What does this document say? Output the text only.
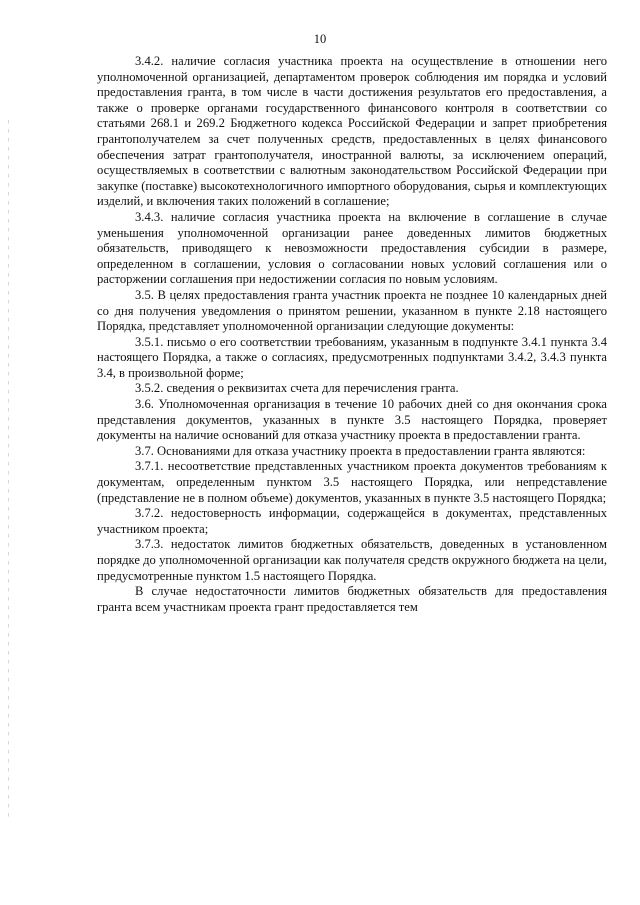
10

3.4.2. наличие согласия участника проекта на осуществление в отношении него уполномоченной организацией, департаментом проверок соблюдения им порядка и условий предоставления гранта, в том числе в части достижения результатов его предоставления, а также о проверке органами государственного финансового контроля в соответствии со статьями 268.1 и 269.2 Бюджетного кодекса Российской Федерации и запрет приобретения грантополучателем за счет полученных средств, предоставленных в целях финансового обеспечения затрат грантополучателя, иностранной валюты, за исключением операций, осуществляемых в соответствии с валютным законодательством Российской Федерации при закупке (поставке) высокотехнологичного импортного оборудования, сырья и комплектующих изделий, и включения таких положений в соглашение;

3.4.3. наличие согласия участника проекта на включение в соглашение в случае уменьшения уполномоченной организации ранее доведенных лимитов бюджетных обязательств, приводящего к невозможности предоставления субсидии в размере, определенном в соглашении, условия о согласовании новых условий соглашения или о расторжении соглашения при недостижении согласия по новым условиям.

3.5. В целях предоставления гранта участник проекта не позднее 10 календарных дней со дня получения уведомления о принятом решении, указанном в пункте 2.18 настоящего Порядка, представляет уполномоченной организации следующие документы:

3.5.1. письмо о его соответствии требованиям, указанным в подпункте 3.4.1 пункта 3.4 настоящего Порядка, а также о согласиях, предусмотренных подпунктами 3.4.2, 3.4.3 пункта 3.4, в произвольной форме;

3.5.2. сведения о реквизитах счета для перечисления гранта.

3.6. Уполномоченная организация в течение 10 рабочих дней со дня окончания срока представления документов, указанных в пункте 3.5 настоящего Порядка, проверяет документы на наличие оснований для отказа участнику проекта в предоставлении гранта.

3.7. Основаниями для отказа участнику проекта в предоставлении гранта являются:

3.7.1. несоответствие представленных участником проекта документов требованиям к документам, определенным пунктом 3.5 настоящего Порядка, или непредставление (представление не в полном объеме) документов, указанных в пункте 3.5 настоящего Порядка;

3.7.2. недостоверность информации, содержащейся в документах, представленных участником проекта;

3.7.3. недостаток лимитов бюджетных обязательств, доведенных в установленном порядке до уполномоченной организации как получателя средств окружного бюджета на цели, предусмотренные пунктом 1.5 настоящего Порядка.

В случае недостаточности лимитов бюджетных обязательств для предоставления гранта всем участникам проекта грант предоставляется тем
